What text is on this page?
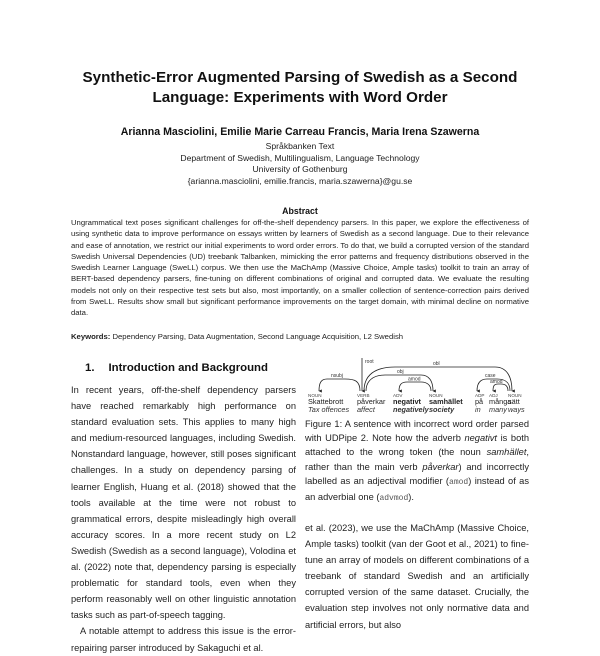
Synthetic-Error Augmented Parsing of Swedish as a Second
Language: Experiments with Word Order
Arianna Masciolini, Emilie Marie Carreau Francis, Maria Irena Szawerna
Språkbanken Text
Department of Swedish, Multilingualism, Language Technology
University of Gothenburg
{arianna.masciolini, emilie.francis, maria.szawerna}@gu.se
Abstract
Ungrammatical text poses significant challenges for off-the-shelf dependency parsers. In this paper, we explore the effectiveness of using synthetic data to improve performance on essays written by learners of Swedish as a second language. Due to their relevance and ease of annotation, we restrict our initial experiments to word order errors. To do that, we build a corrupted version of the standard Swedish Universal Dependencies (UD) treebank Talbanken, mimicking the error patterns and frequency distributions observed in the Swedish Learner Language (SweLL) corpus. We then use the MaChAmp (Massive Choice, Ample tasks) toolkit to train an array of BERT-based dependency parsers, fine-tuning on different combinations of original and corrupted data. We evaluate the resulting models not only on their respective test sets but also, most importantly, on a smaller collection of sentence-correction pairs derived from SweLL. Results show small but significant performance improvements on the target domain, with minimal decline on normative data.
Keywords: Dependency Parsing, Data Augmentation, Second Language Acquisition, L2 Swedish
1. Introduction and Background

In recent years, off-the-shelf dependency parsers have reached remarkably high performance on standard evaluation sets. This applies to many high and medium-resourced languages, including Swedish. Nonstandard language, however, still poses significant challenges. In a study on dependency parsing of learner English, Huang et al. (2018) showed that the tools available at the time were not robust to grammatical errors, despite misleadingly high overall accuracy scores. In a more recent study on L2 Swedish (Swedish as a second language), Volodina et al. (2022) note that, dependency parsing is especially problematic for standard tools, even when they perform reasonably well on other linguistic annotation tasks such as part-of-speech tagging.

A notable attempt to address this issue is the error-repairing parser introduced by Sakaguchi et al.

root
nsubj
obl
obj
amod
case
amod
NOUN
Skattebrott
Tax offences
VERB
påverkar
affect
ADV
negativt
negatively
NOUN
samhället
society
ADP
på
in
ADJ
många
many
NOUN
sätt
ways
Figure 1: A sentence with incorrect word order parsed with UDPipe 2. Note how the adverb negativt is both attached to the wrong token (the noun samhället, rather than the main verb påverkar) and incorrectly labelled as an adjectival modifier (amod) instead of as an adverbial one (advmod).

et al. (2023), we use the MaChAmp (Massive Choice, Ample tasks) toolkit (van der Goot et al., 2021) to fine-tune an array of models on different combinations of a treebank of standard Swedish and an artificially corrupted version of the same dataset. Crucially, the evaluation step involves not only normative data and artificial errors, but also
